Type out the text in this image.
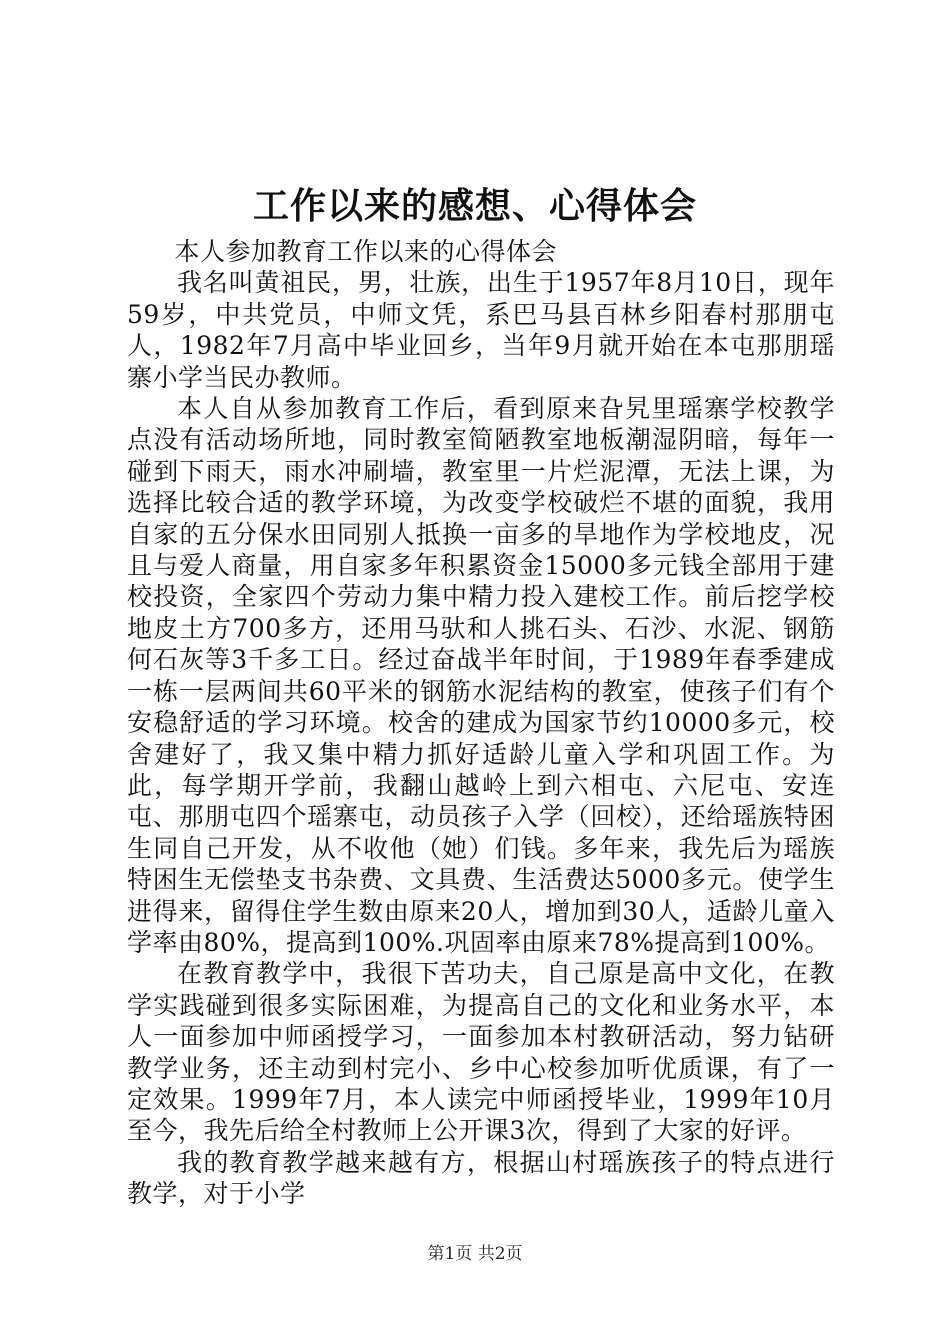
工作以来的感想、心得体会

本人参加教育工作以来的心得体会

我名叫黄祖民，男，壮族，出生于1957年8月10日，现年59岁，中共党员，中师文凭，系巴马县百林乡阳春村那朋屯人，1982年7月高中毕业回乡，当年9月就开始在本屯那朋瑶寨小学当民办教师。

本人自从参加教育工作后，看到原来旮旯里瑶寨学校教学点没有活动场所地，同时教室简陋教室地板潮湿阴暗，每年一碰到下雨天，雨水冲刷墙，教室里一片烂泥潭，无法上课，为选择比较合适的教学环境，为改变学校破烂不堪的面貌，我用自家的五分保水田同别人抵换一亩多的旱地作为学校地皮，况且与爱人商量，用自家多年积累资金15000多元钱全部用于建校投资，全家四个劳动力集中精力投入建校工作。前后挖学校地皮土方700多方，还用马驮和人挑石头、石沙、水泥、钢筋何石灰等3千多工日。经过奋战半年时间，于1989年春季建成一栋一层两间共60平米的钢筋水泥结构的教室，使孩子们有个安稳舒适的学习环境。校舍的建成为国家节约10000多元，校舍建好了，我又集中精力抓好适龄儿童入学和巩固工作。为此，每学期开学前，我翻山越岭上到六相屯、六尼屯、安连屯、那朋屯四个瑶寨屯，动员孩子入学（回校），还给瑶族特困生同自己开发，从不收他（她）们钱。多年来，我先后为瑶族特困生无偿垫支书杂费、文具费、生活费达5000多元。使学生进得来，留得住学生数由原来20人，增加到30人，适龄儿童入学率由80%，提高到100%.巩固率由原来78%提高到100%。

在教育教学中，我很下苦功夫，自己原是高中文化，在教学实践碰到很多实际困难，为提高自己的文化和业务水平，本人一面参加中师函授学习，一面参加本村教研活动，努力钻研教学业务，还主动到村完小、乡中心校参加听优质课，有了一定效果。1999年7月，本人读完中师函授毕业，1999年10月至今，我先后给全村教师上公开课3次，得到了大家的好评。

我的教育教学越来越有方，根据山村瑶族孩子的特点进行教学，对于小学

第1页 共2页
